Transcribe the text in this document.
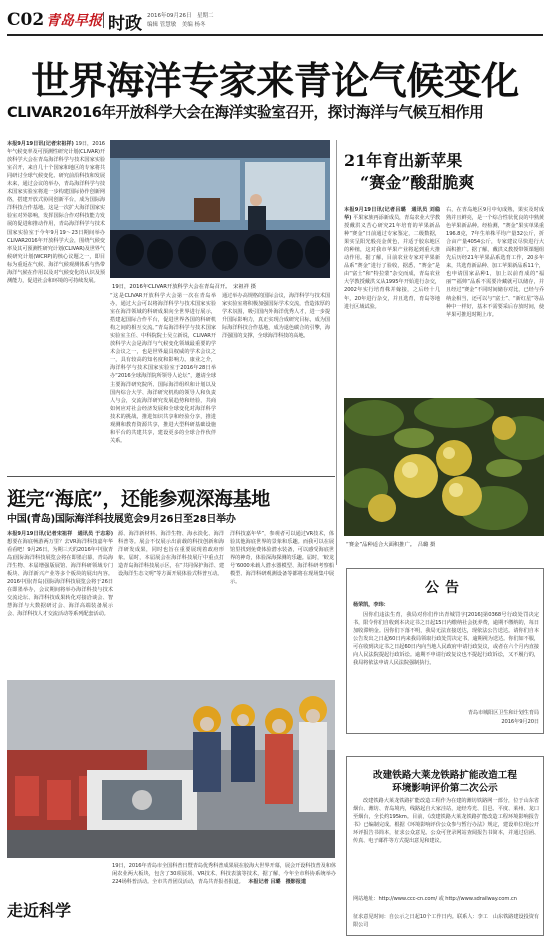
C02 青岛早报 时政 2016年09月26日　星期二
编辑 管慧敏　美编 杨冬
世界海洋专家来青论气候变化
CLIVAR2016年开放科学大会在海洋实验室召开，探讨海洋与气候互相作用
本报9月19日讯(记者宋祖祥) 19日，2016年气候变率及可预测性研究计划(CLIVAR)开放科学大会在青岛海洋科学与技术国家实验室召开，来自几十个国家和地区的专家将共同研讨全球气候变化、研究前沿科技和发展未来，通过会议的举办，青岛海洋科学与技术国家实验室将进一步构建国际协作创新网络，搭建开放式协同创新平台，成为国际海洋科技合作基地。这是一次扩大海洋国家实验室对外影响，发挥国际合作对科技能力发展的促进和推动作用，青岛海洋科学与技术国家实验室于今年9月19～23日期间举办CLIVAR2016年开放科学大会，围绕气候变率及其可预测性研究计划(CLIVAR)及世界气候研究计划(WCRP)的核心议题之一，即目标为重返在气候、海洋气候观测体系与热带海洋气候在作用以及对气候变化的认识及预测能力，促进社会和环境的可持续发展。
19日，2016年CLIVAR开放科学大会在青岛召开。　宋祖祥 摄
“这是CLIVAR开放科学大会第一次在青岛举办，通过大会可以将海洋科学与技术国家实验室在海洋领域的科研成果向全世界进行展示，搭建起国际合作平台，促进世界各国的科研机构之间的相互交流。”青岛海洋科学与技术国家实验室主任、中科院院士吴立新说，CLIVAR开放科学大会是海洋与气候变化领域最重要的学术会议之一，也是世界最具权威的学术会议之一，具有较高的知名度和影响力。康业之介，海洋科学与技术国家实验室于2016年28日举办“2016全球海洋院所领导人论坛”，邀请全球主要海洋研究院所、国际海洋组织和计划以及国内综合大学、海洋研究机构的领导人和负责人与会，交流海洋研究发展趋势和经验，共商如何应对社会经济发展和全球变化对海洋科学技术的挑战，推进知识共享和经验分享，推进观测和教育资源共享，推进大型科研基础设施和平台的共建共享，建设更多的全球合作伙伴关系。
通过举办高规格的国际会议，海洋科学与技术国家实验室将积极加强国际学术交流，营造浓厚的学术氛围，吸引国内外海洋优秀人才，进一步提升国际影响力，真正实现合成研究目标，成为国际海洋科技合作基地，成为退色碳合的引擎，海洋强国的支撑，全球海洋科技的高地。
21年育出新苹果
“赛金”酸甜脆爽
本报9月19日讯(记者吕璐　通讯员 刘稳华) 平果家族再添新成员，青岛农业大学教授戴洪义苦心研究21年培育的苹果新品种“赛金”日前通过专家鉴定，二级数据，果实呈阳光般亮金黄色，并适于胶东地区的种植，这对我市苹果产业将起到重大推动作用。据了解，目前农业专家对苹果新品系“赛金”进行了验收，据悉，“赛金”是由“富士”和“特拉蒙”杂交而成，青岛农业大学教授戴洪义从1995年开始进行杂交，2002年实行培育株并嫁接，之后经十几年，20年进行杂交，并且选育，育岛等地进行区域试验。
右，在青岛地区9月中旬成熟，果实及时成熟并且鲜亮，是一个综合性状优良的中熟黄色苹果新品种。经检测，“赛金”果实单果重196.8克，7年生单株平均产量32公斤，折合亩产量4054公斤，专家建议尽快进行大面积推广。据了解，戴洪义教授带领课题组先后历经21年苹果品系选育工作，20多年来，共选育新品种、加工苹果新品系11个，也申请国家品种1，加上以前育成的“福丽”“福帅”品系不需要冷藏就可以储存，并且经过“赛金”不同时间储存对比，已经与乔纳金相当，还可以与“富士”、“新红星”等品种中一样好，基本不需要采后存放时间，使苹果可推迟时期上市。
“赛金”品种适合大面积推广。　吕璐 摄
逛完“海底”，还能参观深海基地
中国(青岛)国际海洋科技展览会9月26日至28日举办
本报9月19日讯(记者宋祖祥　通讯员 于志彩) 想要在海底畅游两万里？去VR海洋科技嘉年华看看吧！9月26日，为期三天的2016年中国(青岛)国际海洋科技展览会将在即墨启幕，青岛海洋生物、本届增强版展馆、海洋科研领域专门板块、海洋新兴产业等多个板块的展出内容。2016中国(青岛)国际海洋科技展览会将于26日在即墨举办，会议期间将举办海洋科技与技术交流论坛、海洋科技成果转化对接洽谈会、智慧海洋与大数据研讨会、海洋高端装备展示会、海洋科技人才交流活动等系列配套活动。
源、海洋新材料、海洋生物、海水淡化、海洋科普等。展会不仅展示出前载的科技创新和海洋研发成果，同时也旨在重要展现着政府形象。届时，本届展会在海洋科技展厅中重点打造青岛海洋科技展示区，在“共同保护海洋、建设海洋生态文明”等方面开展体验式科普互动。
洋科技嘉年华”，参观者可以通过VR技术，体验其他海底世界的景象和乐趣。而我可以在展馆里找到免费体验潜水装备，可以感受海底世界的神奇，体验深海探测的乐趣。届时，‘蛟龙号’6000米载人潜水器模型、海洋科研考察船模型、海洋科研观测设备等都将在现场集中展示。
走近科学
19日，2016年青岛市全国科普日暨青岛优秀科普成果展在胶海大世界开幕，展会开设科技普及和休闲农业两大板块，包含了30项展项、VR技术、科技表演等技术，据了解，今年全市科协系统举办224场科普活动。全市共青团员活动，青岛共青报者报道。 本报记者 吕璐　摄影报道
公告
杨荣凯，李玮：
因你们违法生育，我局对你们作出青城罚字[2016]第0368号行政处罚决定书，限令你们自收到本决定书之日起15日内缴纳社会抚养费，逾期不缴纳的，每日加收滞纳金。因你们下落不明，我局无法直接送达，现依法公告送达。请你们自本公告发出之日起60日内来我局领取行政处罚决定书，逾期视为送达。你们如不服，可在收到决定书之日起60日内向当地人民政府申请行政复议，或者在六个月内直接向人民法院提起行政诉讼。逾期不申请行政复议也不提起行政诉讼，又不履行的，我局将依法申请人民法院强制执行。
青岛市城阳区卫生和计划生育局
2016年9月20日
改建铁路大莱龙铁路扩能改造工程
环境影响评价第二次公示
改建铁路大莱龙铁路扩能改造工程作为在建的潍坊铁路网一部分，位于山东省烟台、潍坊、青岛境内，线路起自大家洼站，途经寿光、昌邑、平度、莱州、龙口至烟台，全长约195km。目前，《改建铁路大莱龙铁路扩能改造工程环境影响报告书》已编制完成。根据《环境影响评价公众参与暂行办法》规定，建设单位现公开环评报告书简本，征求公众意见。公众可登录网站查阅报告书简本，并通过信函、传真、电子邮件等方式提出意见和建议。
网站地址：http://www.ccc-cn.com/ 或 http://www.sdrailway.com.cn
征求意见时间：自公示之日起10个工作日内。联系人：李工　山东铁路建设投资有限公司
